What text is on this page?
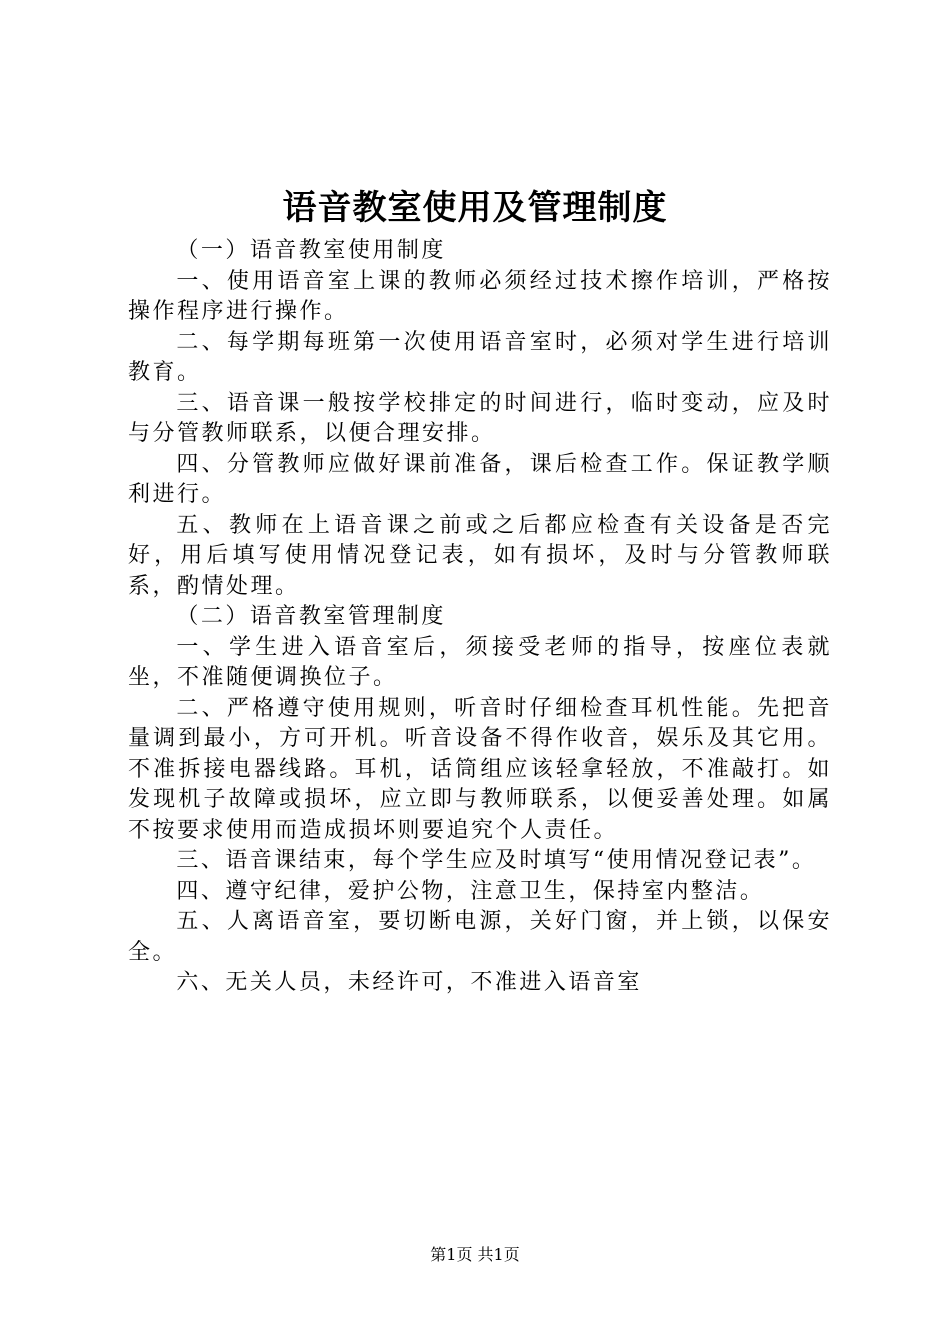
语音教室使用及管理制度

（一）语音教室使用制度

一、使用语音室上课的教师必须经过技术擦作培训，严格按操作程序进行操作。

二、每学期每班第一次使用语音室时，必须对学生进行培训教育。

三、语音课一般按学校排定的时间进行，临时变动，应及时与分管教师联系，以便合理安排。

四、分管教师应做好课前准备，课后检查工作。保证教学顺利进行。

五、教师在上语音课之前或之后都应检查有关设备是否完好，用后填写使用情况登记表，如有损坏，及时与分管教师联系，酌情处理。

（二）语音教室管理制度

一、学生进入语音室后，须接受老师的指导，按座位表就坐，不准随便调换位子。

二、严格遵守使用规则，听音时仔细检查耳机性能。先把音量调到最小，方可开机。听音设备不得作收音，娱乐及其它用。不准拆接电器线路。耳机，话筒组应该轻拿轻放，不准敲打。如发现机子故障或损坏，应立即与教师联系，以便妥善处理。如属不按要求使用而造成损坏则要追究个人责任。

三、语音课结束，每个学生应及时填写“使用情况登记表”。

四、遵守纪律，爱护公物，注意卫生，保持室内整洁。

五、人离语音室，要切断电源，关好门窗，并上锁，以保安全。

六、无关人员，未经许可，不准进入语音室

第1页 共1页
